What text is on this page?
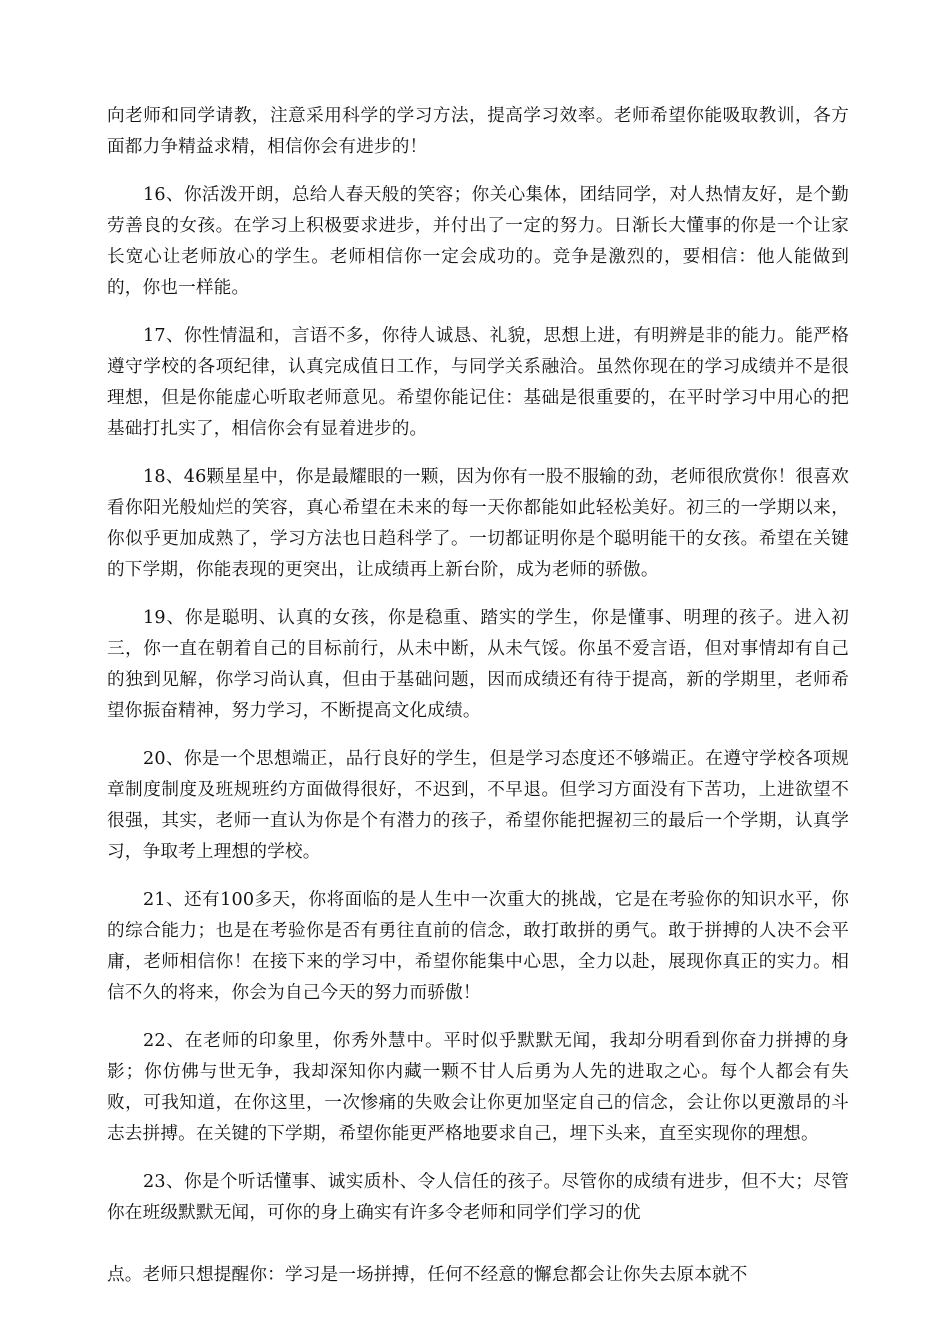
向老师和同学请教，注意采用科学的学习方法，提高学习效率。老师希望你能吸取教训，各方面都力争精益求精，相信你会有进步的！

16、你活泼开朗，总给人春天般的笑容；你关心集体，团结同学，对人热情友好，是个勤劳善良的女孩。在学习上积极要求进步，并付出了一定的努力。日渐长大懂事的你是一个让家长宽心让老师放心的学生。老师相信你一定会成功的。竞争是激烈的，要相信：他人能做到的，你也一样能。

17、你性情温和，言语不多，你待人诚恳、礼貌，思想上进，有明辨是非的能力。能严格遵守学校的各项纪律，认真完成值日工作，与同学关系融洽。虽然你现在的学习成绩并不是很理想，但是你能虚心听取老师意见。希望你能记住：基础是很重要的，在平时学习中用心的把基础打扎实了，相信你会有显着进步的。

18、46颗星星中，你是最耀眼的一颗，因为你有一股不服输的劲，老师很欣赏你！很喜欢看你阳光般灿烂的笑容，真心希望在未来的每一天你都能如此轻松美好。初三的一学期以来，你似乎更加成熟了，学习方法也日趋科学了。一切都证明你是个聪明能干的女孩。希望在关键的下学期，你能表现的更突出，让成绩再上新台阶，成为老师的骄傲。

19、你是聪明、认真的女孩，你是稳重、踏实的学生，你是懂事、明理的孩子。进入初三，你一直在朝着自己的目标前行，从未中断，从未气馁。你虽不爱言语，但对事情却有自己的独到见解，你学习尚认真，但由于基础问题，因而成绩还有待于提高，新的学期里，老师希望你振奋精神，努力学习，不断提高文化成绩。

20、你是一个思想端正，品行良好的学生，但是学习态度还不够端正。在遵守学校各项规章制度制度及班规班约方面做得很好，不迟到，不早退。但学习方面没有下苦功，上进欲望不很强，其实，老师一直认为你是个有潜力的孩子，希望你能把握初三的最后一个学期，认真学习，争取考上理想的学校。

21、还有100多天，你将面临的是人生中一次重大的挑战，它是在考验你的知识水平，你的综合能力；也是在考验你是否有勇往直前的信念，敢打敢拼的勇气。敢于拼搏的人决不会平庸，老师相信你！在接下来的学习中，希望你能集中心思，全力以赴，展现你真正的实力。相信不久的将来，你会为自己今天的努力而骄傲！

22、在老师的印象里，你秀外慧中。平时似乎默默无闻，我却分明看到你奋力拼搏的身影；你仿佛与世无争，我却深知你内藏一颗不甘人后勇为人先的进取之心。每个人都会有失败，可我知道，在你这里，一次惨痛的失败会让你更加坚定自己的信念，会让你以更激昂的斗志去拼搏。在关键的下学期，希望你能更严格地要求自己，埋下头来，直至实现你的理想。

23、你是个听话懂事、诚实质朴、令人信任的孩子。尽管你的成绩有进步，但不大；尽管你在班级默默无闻，可你的身上确实有许多令老师和同学们学习的优

点。老师只想提醒你：学习是一场拼搏，任何不经意的懈怠都会让你失去原本就不
